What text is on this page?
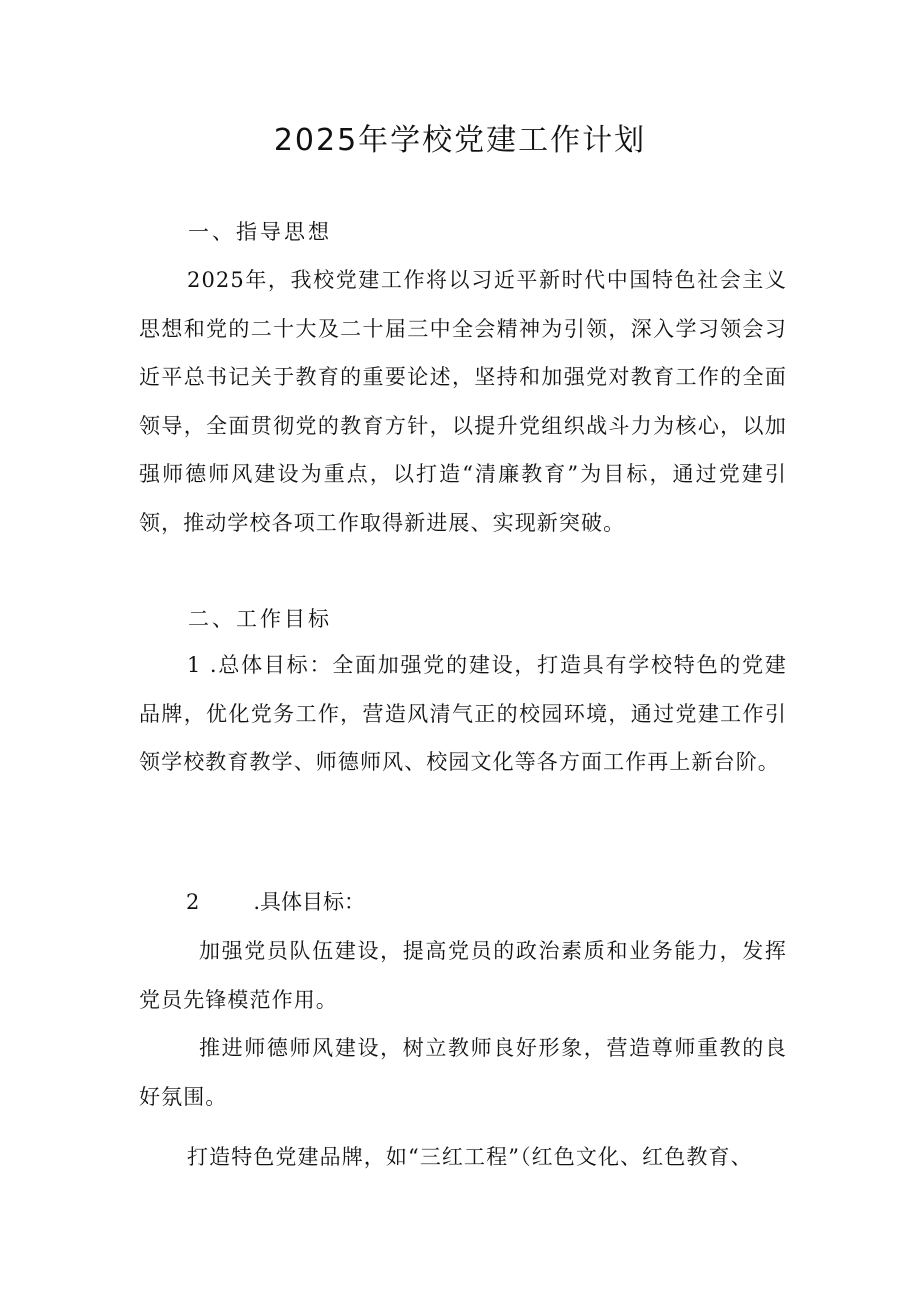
2025年学校党建工作计划
一、指导思想

2025年，我校党建工作将以习近平新时代中国特色社会主义思想和党的二十大及二十届三中全会精神为引领，深入学习领会习近平总书记关于教育的重要论述，坚持和加强党对教育工作的全面领导，全面贯彻党的教育方针，以提升党组织战斗力为核心，以加强师德师风建设为重点，以打造“清廉教育”为目标，通过党建引领，推动学校各项工作取得新进展、实现新突破。

二、工作目标

1 .总体目标：全面加强党的建设，打造具有学校特色的党建品牌，优化党务工作，营造风清气正的校园环境，通过党建工作引领学校教育教学、师德师风、校园文化等各方面工作再上新台阶。

2	.具体目标：

加强党员队伍建设，提高党员的政治素质和业务能力，发挥党员先锋模范作用。

推进师德师风建设，树立教师良好形象，营造尊师重教的良好氛围。

打造特色党建品牌，如“三红工程”（红色文化、红色教育、
